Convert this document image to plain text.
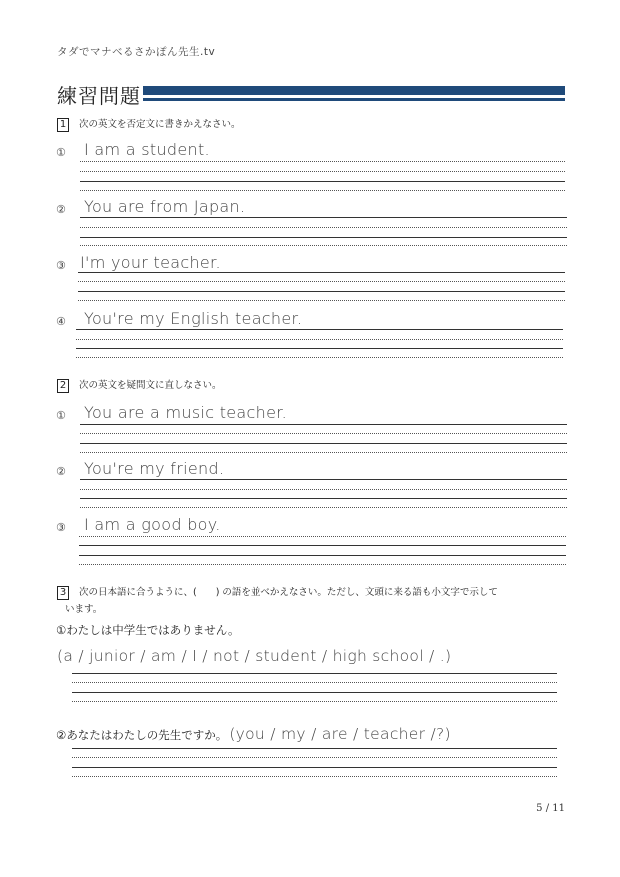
タダでマナベるさかぽん先生.tv
練習問題
1 次の英文を否定文に書きかえなさい。
① I am a student.
② You are from Japan.
③ I'm your teacher.
④ You're my English teacher.
2 次の英文を疑問文に直しなさい。
① You are a music teacher.
② You're my friend.
③ I am a good boy.
3 次の日本語に合うように、(　　) の語を並べかえなさい。ただし、文頭に来る語も小文字で示して
います。
①わたしは中学生ではありません。
(a / junior / am / I / not / student / high school / .)
②あなたはわたしの先生ですか。 (you / my / are / teacher /?)
5 / 11
